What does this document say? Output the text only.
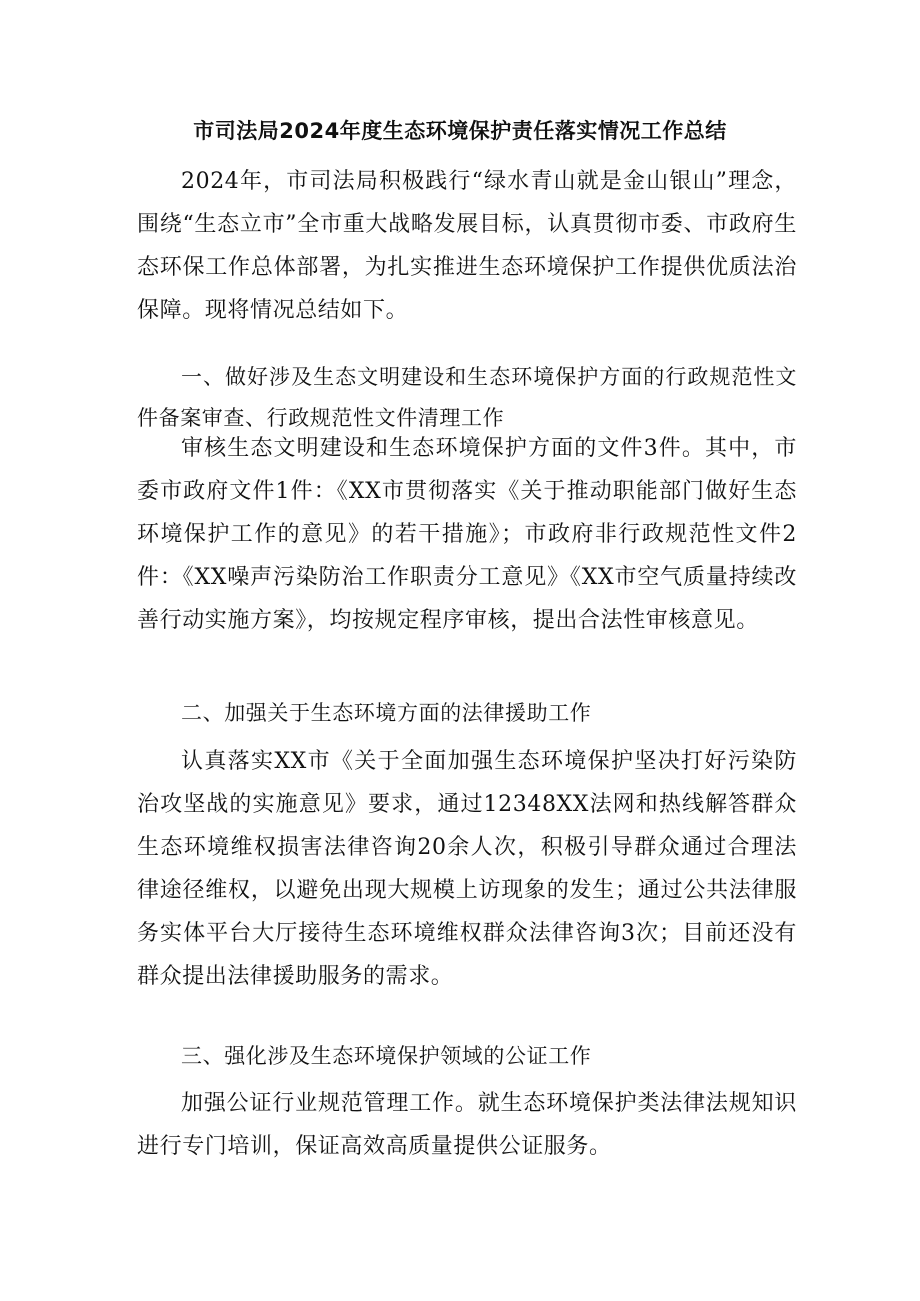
市司法局2024年度生态环境保护责任落实情况工作总结

2024年，市司法局积极践行“绿水青山就是金山银山”理念，围绕“生态立市”全市重大战略发展目标，认真贯彻市委、市政府生态环保工作总体部署，为扎实推进生态环境保护工作提供优质法治保障。现将情况总结如下。

一、做好涉及生态文明建设和生态环境保护方面的行政规范性文件备案审查、行政规范性文件清理工作

审核生态文明建设和生态环境保护方面的文件3件。其中，市委市政府文件1件：《XX市贯彻落实《关于推动职能部门做好生态环境保护工作的意见》的若干措施》；市政府非行政规范性文件2件：《XX噪声污染防治工作职责分工意见》《XX市空气质量持续改善行动实施方案》，均按规定程序审核，提出合法性审核意见。

二、加强关于生态环境方面的法律援助工作

认真落实XX市《关于全面加强生态环境保护坚决打好污染防治攻坚战的实施意见》要求，通过12348XX法网和热线解答群众生态环境维权损害法律咨询20余人次，积极引导群众通过合理法律途径维权，以避免出现大规模上访现象的发生；通过公共法律服务实体平台大厅接待生态环境维权群众法律咨询3次；目前还没有群众提出法律援助服务的需求。

三、强化涉及生态环境保护领域的公证工作

加强公证行业规范管理工作。就生态环境保护类法律法规知识进行专门培训，保证高效高质量提供公证服务。
